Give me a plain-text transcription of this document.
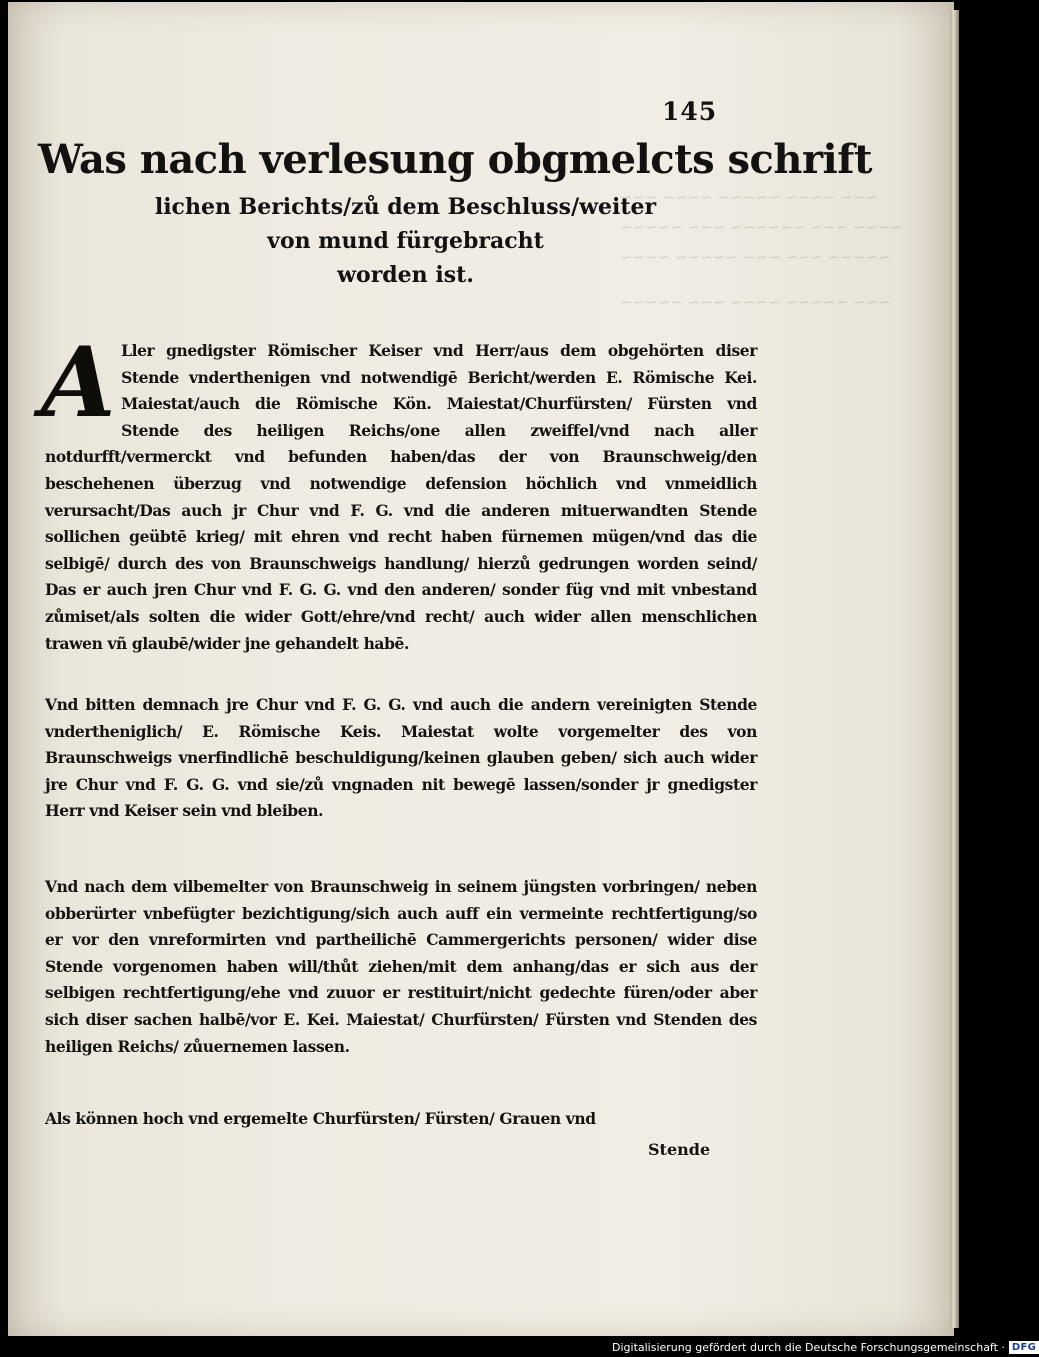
~~~ ~~~~ ~~~~~ ~~~~ ~~~
~~~~ ~~~ ~~~~~~ ~~~ ~~~~~
~~~~~ ~~~ ~~~ ~~~~~ ~~~~
~~~ ~~~~~ ~~~~ ~~~ ~~~~~
145
Was nach verlesung obgmelcts schrift
lichen Berichts/zů dem Beschluss/weiter
von mund fürgebracht
worden ist.
A Ller gnedigster Römischer Keiser vnd Herr/aus dem obgehörten diser Stende vnderthenigen vnd notwendigē Bericht/werden E. Römische Kei. Maiestat/auch die Römische Kön. Maiestat/Churfürsten/ Fürsten vnd Stende des heiligen Reichs/one allen zweiffel/vnd nach aller notdurfft/vermerckt vnd befunden haben/das der von Braunschweig/den beschehenen überzug vnd notwendige defension höchlich vnd vnmeidlich verursacht/Das auch jr Chur vnd F. G. vnd die anderen mituerwandten Stende sollichen geübtē krieg/ mit ehren vnd recht haben fürnemen mügen/vnd das die selbigē/ durch des von Braunschweigs handlung/ hierzů gedrungen worden seind/ Das er auch jren Chur vnd F. G. G. vnd den anderen/ sonder füg vnd mit vnbestand zůmiset/als solten die wider Gott/ehre/vnd recht/ auch wider allen menschlichen trawen vñ glaubē/wider jne gehandelt habē.
Vnd bitten demnach jre Chur vnd F. G. G. vnd auch die andern vereinigten Stende vndertheniglich/ E. Römische Keis. Maiestat wolte vorgemelter des von Braunschweigs vnerfindlichē beschuldigung/keinen glauben geben/ sich auch wider jre Chur vnd F. G. G. vnd sie/zů vngnaden nit bewegē lassen/sonder jr gnedigster Herr vnd Keiser sein vnd bleiben.
Vnd nach dem vilbemelter von Braunschweig in seinem jüngsten vorbringen/ neben obberürter vnbefügter bezichtigung/sich auch auff ein vermeinte rechtfertigung/so er vor den vnreformirten vnd partheilichē Cammergerichts personen/ wider dise Stende vorgenomen haben will/thůt ziehen/mit dem anhang/das er sich aus der selbigen rechtfertigung/ehe vnd zuuor er restituirt/nicht gedechte füren/oder aber sich diser sachen halbē/vor E. Kei. Maiestat/ Churfürsten/ Fürsten vnd Stenden des heiligen Reichs/ zůuernemen lassen.
Als können hoch vnd ergemelte Churfürsten/ Fürsten/ Grauen vnd
Stende
Digitalisierung gefördert durch die Deutsche Forschungsgemeinschaft · DFG
